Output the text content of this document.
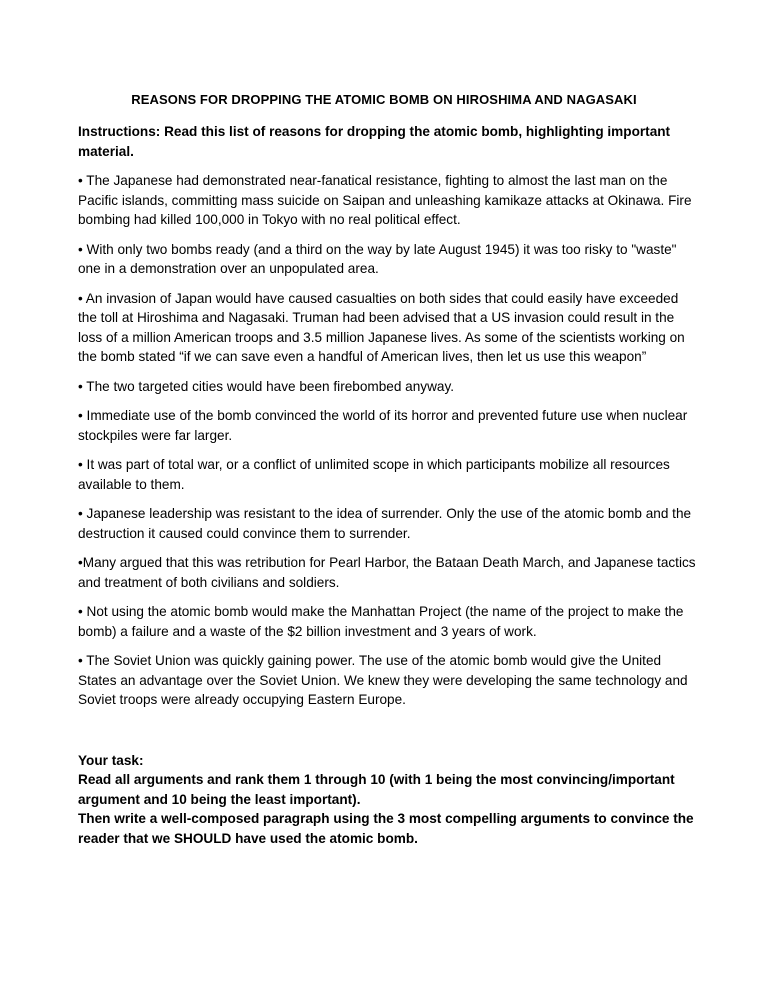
REASONS FOR DROPPING THE ATOMIC BOMB ON HIROSHIMA AND NAGASAKI

Instructions: Read this list of reasons for dropping the atomic bomb, highlighting important material.

• The Japanese had demonstrated near-fanatical resistance, fighting to almost the last man on the Pacific islands, committing mass suicide on Saipan and unleashing kamikaze attacks at Okinawa. Fire bombing had killed 100,000 in Tokyo with no real political effect.

• With only two bombs ready (and a third on the way by late August 1945) it was too risky to "waste" one in a demonstration over an unpopulated area.

• An invasion of Japan would have caused casualties on both sides that could easily have exceeded the toll at Hiroshima and Nagasaki. Truman had been advised that a US invasion could result in the loss of a million American troops and 3.5 million Japanese lives. As some of the scientists working on the bomb stated “if we can save even a handful of American lives, then let us use this weapon”

• The two targeted cities would have been firebombed anyway.

• Immediate use of the bomb convinced the world of its horror and prevented future use when nuclear stockpiles were far larger.

• It was part of total war, or a conflict of unlimited scope in which participants mobilize all resources available to them.

• Japanese leadership was resistant to the idea of surrender. Only the use of the atomic bomb and the destruction it caused could convince them to surrender.

•Many argued that this was retribution for Pearl Harbor, the Bataan Death March, and Japanese tactics and treatment of both civilians and soldiers.

• Not using the atomic bomb would make the Manhattan Project (the name of the project to make the bomb) a failure and a waste of the $2 billion investment and 3 years of work.

• The Soviet Union was quickly gaining power. The use of the atomic bomb would give the United States an advantage over the Soviet Union. We knew they were developing the same technology and Soviet troops were already occupying Eastern Europe.

Your task:
Read all arguments and rank them 1 through 10 (with 1 being the most convincing/important argument and 10 being the least important).
Then write a well-composed paragraph using the 3 most compelling arguments to convince the reader that we SHOULD have used the atomic bomb.
